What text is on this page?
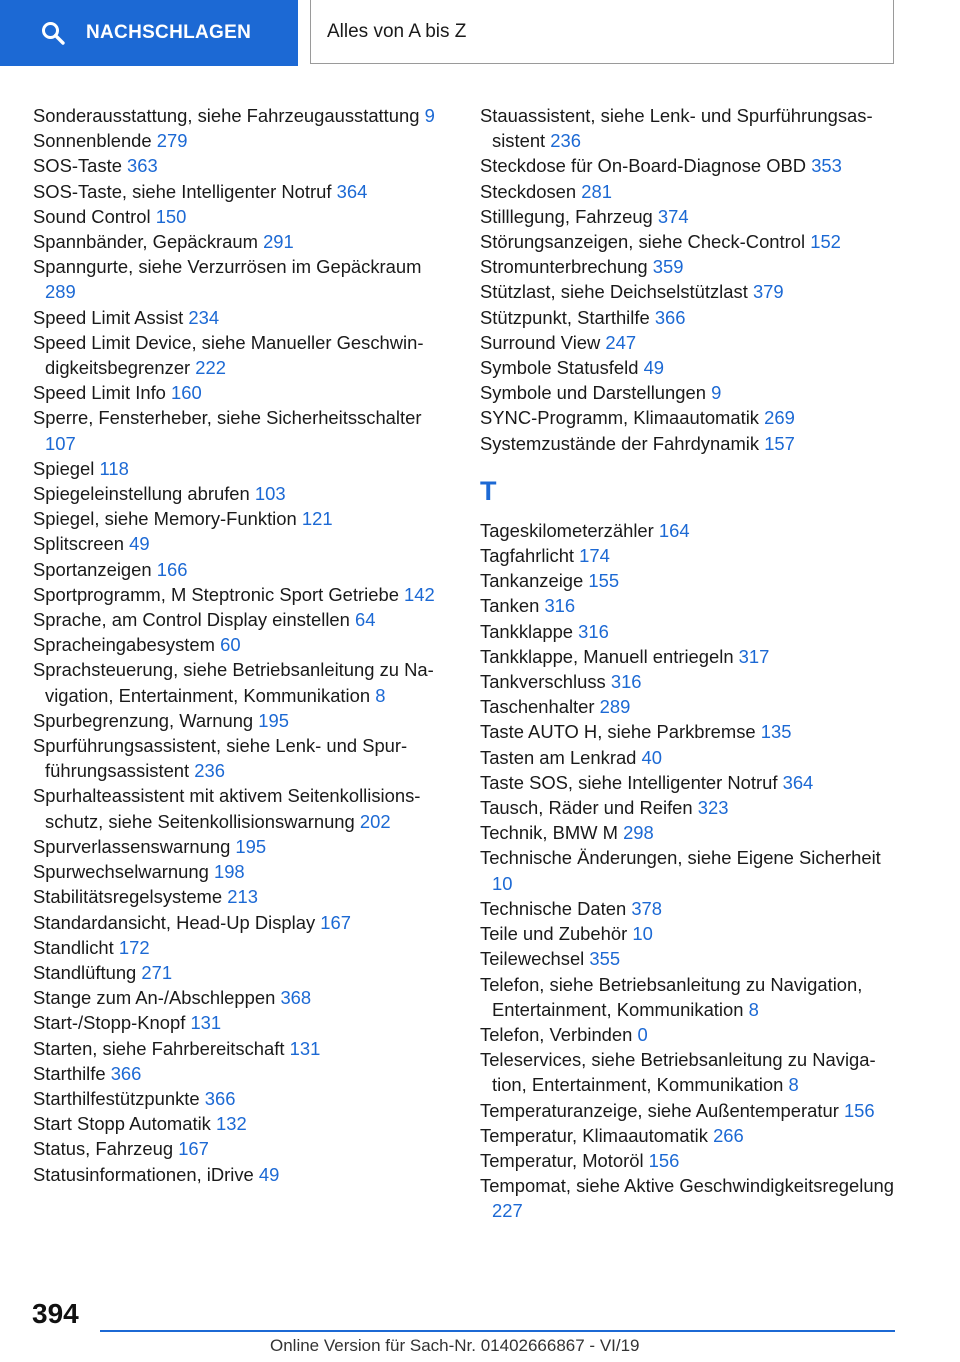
NACHSCHLAGEN	Alles von A bis Z
Sonderausstattung, siehe Fahrzeugausstattung 9
Sonnenblende 279
SOS-Taste 363
SOS-Taste, siehe Intelligenter Notruf 364
Sound Control 150
Spannbänder, Gepäckraum 291
Spanngurte, siehe Verzurrösen im Gepäckraum 289
Speed Limit Assist 234
Speed Limit Device, siehe Manueller Geschwindigkeitsbegrenzer 222
Speed Limit Info 160
Sperre, Fensterheber, siehe Sicherheitsschalter 107
Spiegel 118
Spiegeleinstellung abrufen 103
Spiegel, siehe Memory-Funktion 121
Splitscreen 49
Sportanzeigen 166
Sportprogramm, M Steptronic Sport Getriebe 142
Sprache, am Control Display einstellen 64
Spracheingabesystem 60
Sprachsteuerung, siehe Betriebsanleitung zu Navigation, Entertainment, Kommunikation 8
Spurbegrenzung, Warnung 195
Spurführungsassistent, siehe Lenk- und Spurführungsassistent 236
Spurhalteassistent mit aktivem Seitenkollisionsschutz, siehe Seitenkollisionswarnung 202
Spurverlassenswarnung 195
Spurwechselwarnung 198
Stabilitätsregelsysteme 213
Standardansicht, Head-Up Display 167
Standlicht 172
Standlüftung 271
Stange zum An-/Abschleppen 368
Start-/Stopp-Knopf 131
Starten, siehe Fahrbereitschaft 131
Starthilfe 366
Starthilfestützpunkte 366
Start Stopp Automatik 132
Status, Fahrzeug 167
Statusinformationen, iDrive 49
Stauassistent, siehe Lenk- und Spurführungsassistent 236
Steckdose für On-Board-Diagnose OBD 353
Steckdosen 281
Stilllegung, Fahrzeug 374
Störungsanzeigen, siehe Check-Control 152
Stromunterbrechung 359
Stützlast, siehe Deichselstützlast 379
Stützpunkt, Starthilfe 366
Surround View 247
Symbole Statusfeld 49
Symbole und Darstellungen 9
SYNC-Programm, Klimaautomatik 269
Systemzustände der Fahrdynamik 157
T
Tageskilometerzähler 164
Tagfahrlicht 174
Tankanzeige 155
Tanken 316
Tankklappe 316
Tankklappe, Manuell entriegeln 317
Tankverschluss 316
Taschenhalter 289
Taste AUTO H, siehe Parkbremse 135
Tasten am Lenkrad 40
Taste SOS, siehe Intelligenter Notruf 364
Tausch, Räder und Reifen 323
Technik, BMW M 298
Technische Änderungen, siehe Eigene Sicherheit 10
Technische Daten 378
Teile und Zubehör 10
Teilewechsel 355
Telefon, siehe Betriebsanleitung zu Navigation, Entertainment, Kommunikation 8
Telefon, Verbinden 0
Teleservices, siehe Betriebsanleitung zu Navigation, Entertainment, Kommunikation 8
Temperaturanzeige, siehe Außentemperatur 156
Temperatur, Klimaautomatik 266
Temperatur, Motoröl 156
Tempomat, siehe Aktive Geschwindigkeitsregelung 227
394
Online Version für Sach-Nr. 01402666867 - VI/19
